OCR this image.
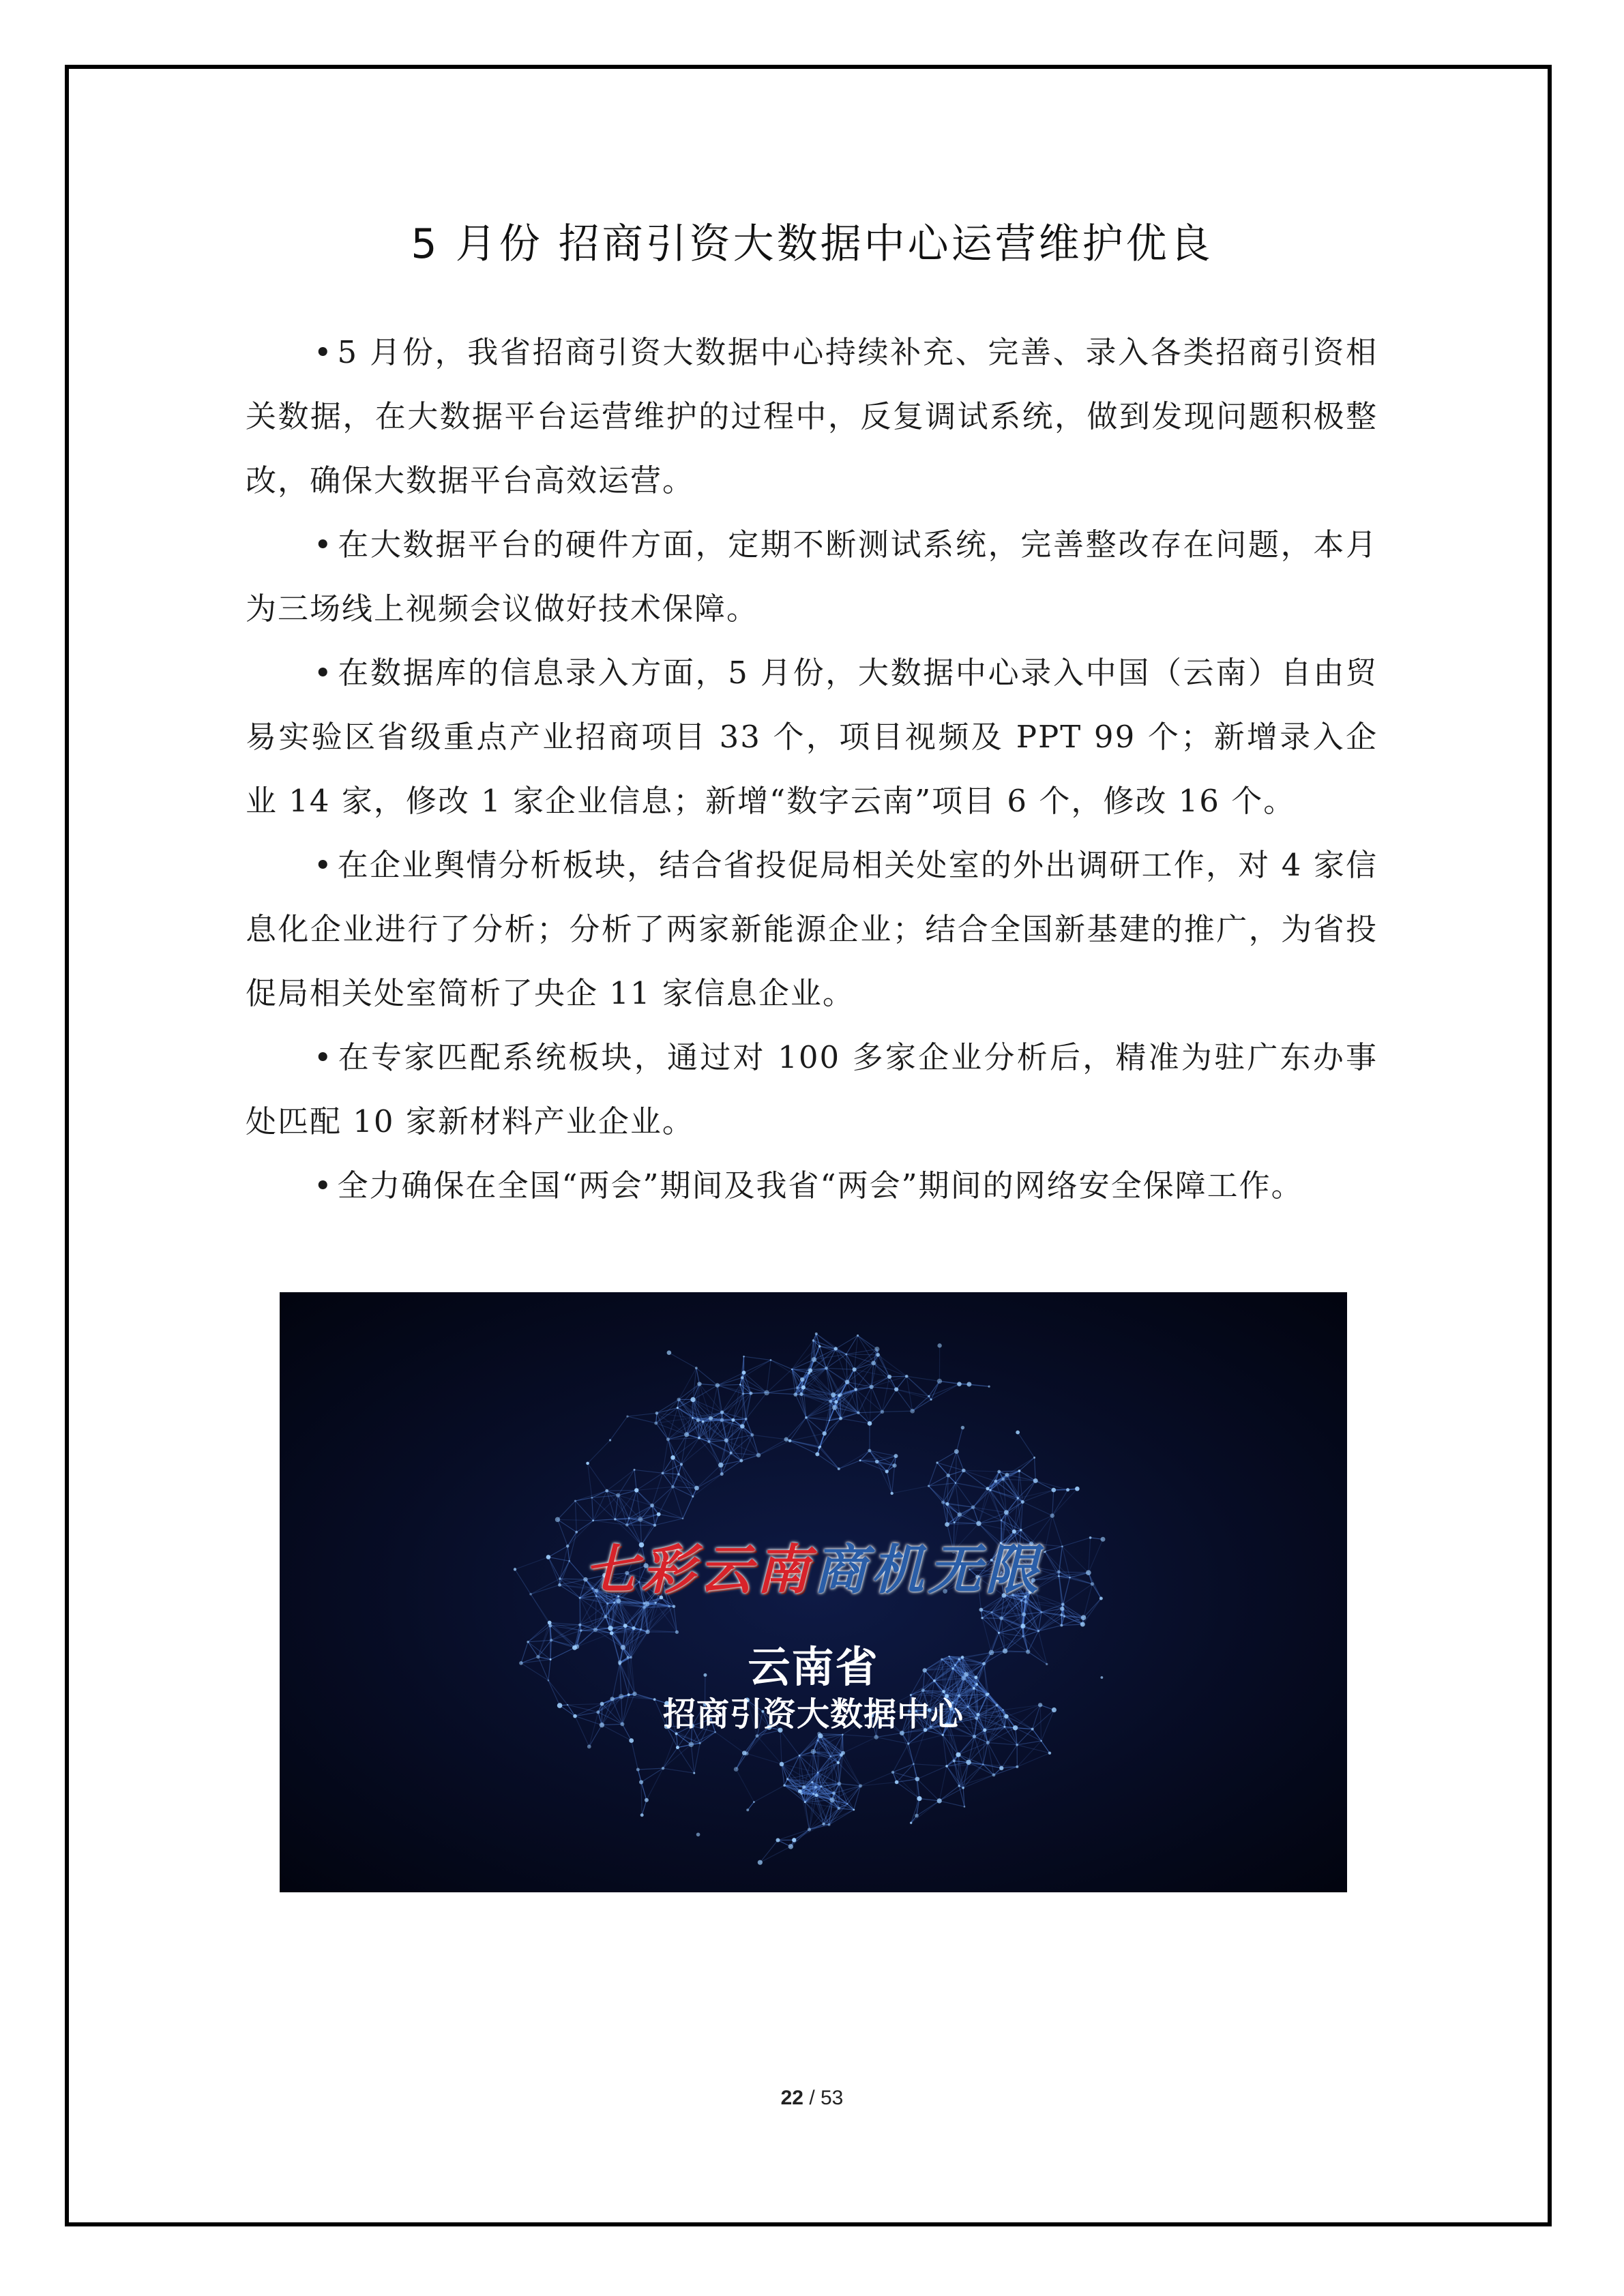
5 月份 招商引资大数据中心运营维护优良

• 5 月份，我省招商引资大数据中心持续补充、完善、录入各类招商引资相关数据，在大数据平台运营维护的过程中，反复调试系统，做到发现问题积极整改，确保大数据平台高效运营。

• 在大数据平台的硬件方面，定期不断测试系统，完善整改存在问题，本月为三场线上视频会议做好技术保障。

• 在数据库的信息录入方面，5 月份，大数据中心录入中国（云南）自由贸易实验区省级重点产业招商项目 33 个，项目视频及 PPT 99 个；新增录入企业 14 家，修改 1 家企业信息；新增“数字云南”项目 6 个，修改 16 个。

• 在企业舆情分析板块，结合省投促局相关处室的外出调研工作，对 4 家信息化企业进行了分析；分析了两家新能源企业；结合全国新基建的推广，为省投促局相关处室简析了央企 11 家信息企业。

• 在专家匹配系统板块，通过对 100 多家企业分析后，精准为驻广东办事处匹配 10 家新材料产业企业。

• 全力确保在全国“两会”期间及我省“两会”期间的网络安全保障工作。

七彩云南商机无限
云南省
招商引资大数据中心
22 / 53
